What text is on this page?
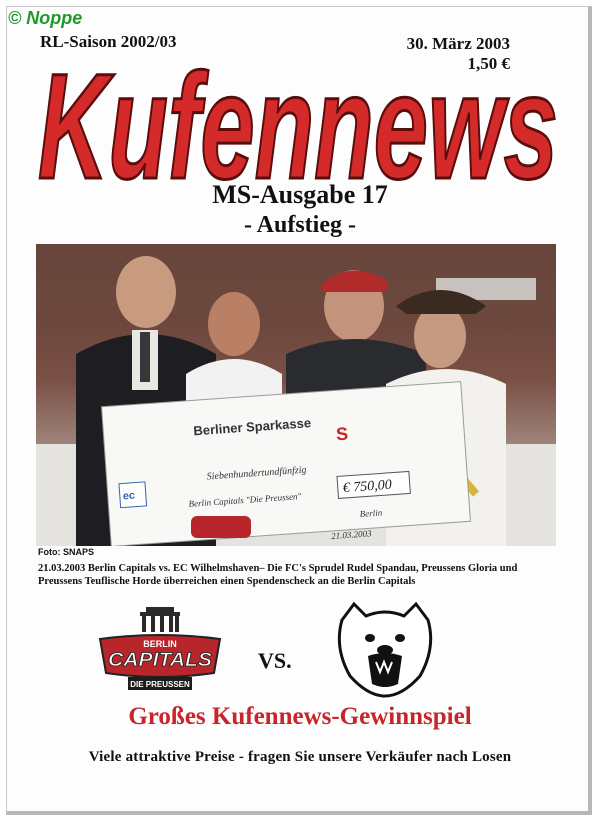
© Noppe
RL-Saison 2002/03	30. März 2003
1,50 €
Kufennews
MS-Ausgabe 17
- Aufstieg -
Berliner Sparkasse
ec
Siebenhundertundfünfzig
Berlin Capitals "Die Preussen"
€ 750,00
Berlin
21.03.2003
S
Foto: SNAPS
21.03.2003 Berlin Capitals vs. EC Wilhelmshaven– Die FC's Sprudel Rudel Spandau, Preussens Gloria und Preussens Teuflische Horde überreichen einen Spendenscheck an die Berlin Capitals
BERLIN
CAPITALS
DIE PREUSSEN
VS.
Großes Kufennews-Gewinnspiel
Viele attraktive Preise - fragen Sie unsere Verkäufer nach Losen
